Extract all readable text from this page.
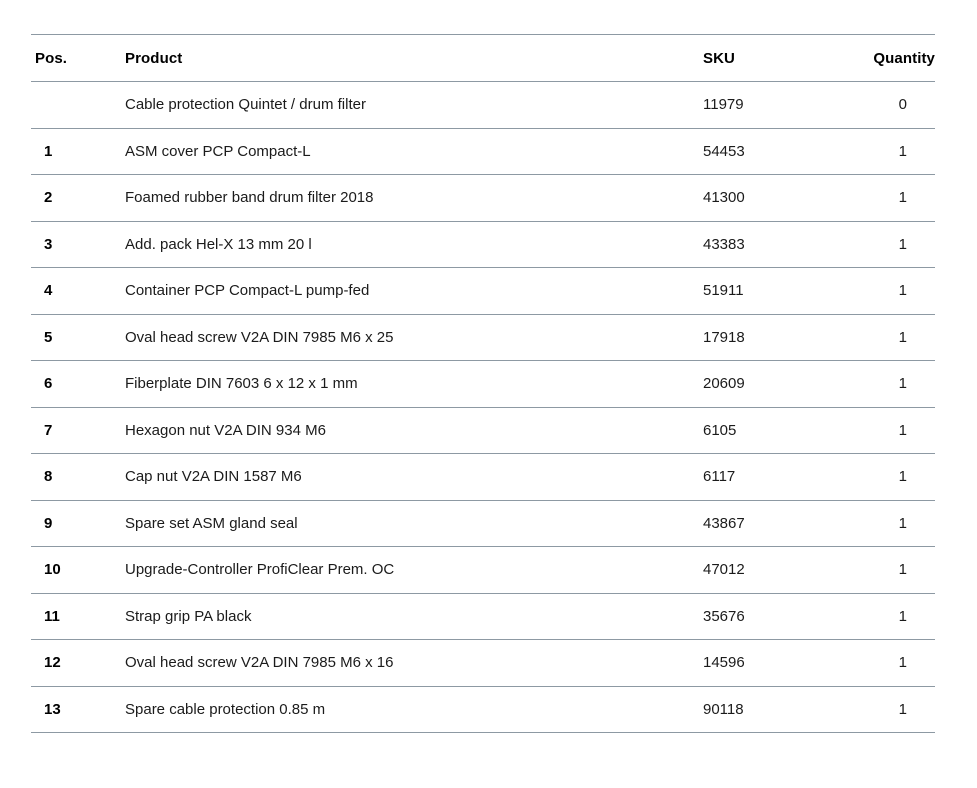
Pos.	Product	SKU	Quantity
	Cable protection Quintet / drum filter	11979	0
1	ASM cover PCP Compact-L	54453	1
2	Foamed rubber band drum filter 2018	41300	1
3	Add. pack Hel-X 13 mm 20 l	43383	1
4	Container PCP Compact-L pump-fed	51911	1
5	Oval head screw V2A DIN 7985 M6 x 25	17918	1
6	Fiberplate DIN 7603 6 x 12 x 1 mm	20609	1
7	Hexagon nut V2A DIN 934 M6	6105	1
8	Cap nut V2A DIN 1587 M6	6117	1
9	Spare set ASM gland seal	43867	1
10	Upgrade-Controller ProfiClear Prem. OC	47012	1
11	Strap grip PA black	35676	1
12	Oval head screw V2A DIN 7985 M6 x 16	14596	1
13	Spare cable protection 0.85 m	90118	1
